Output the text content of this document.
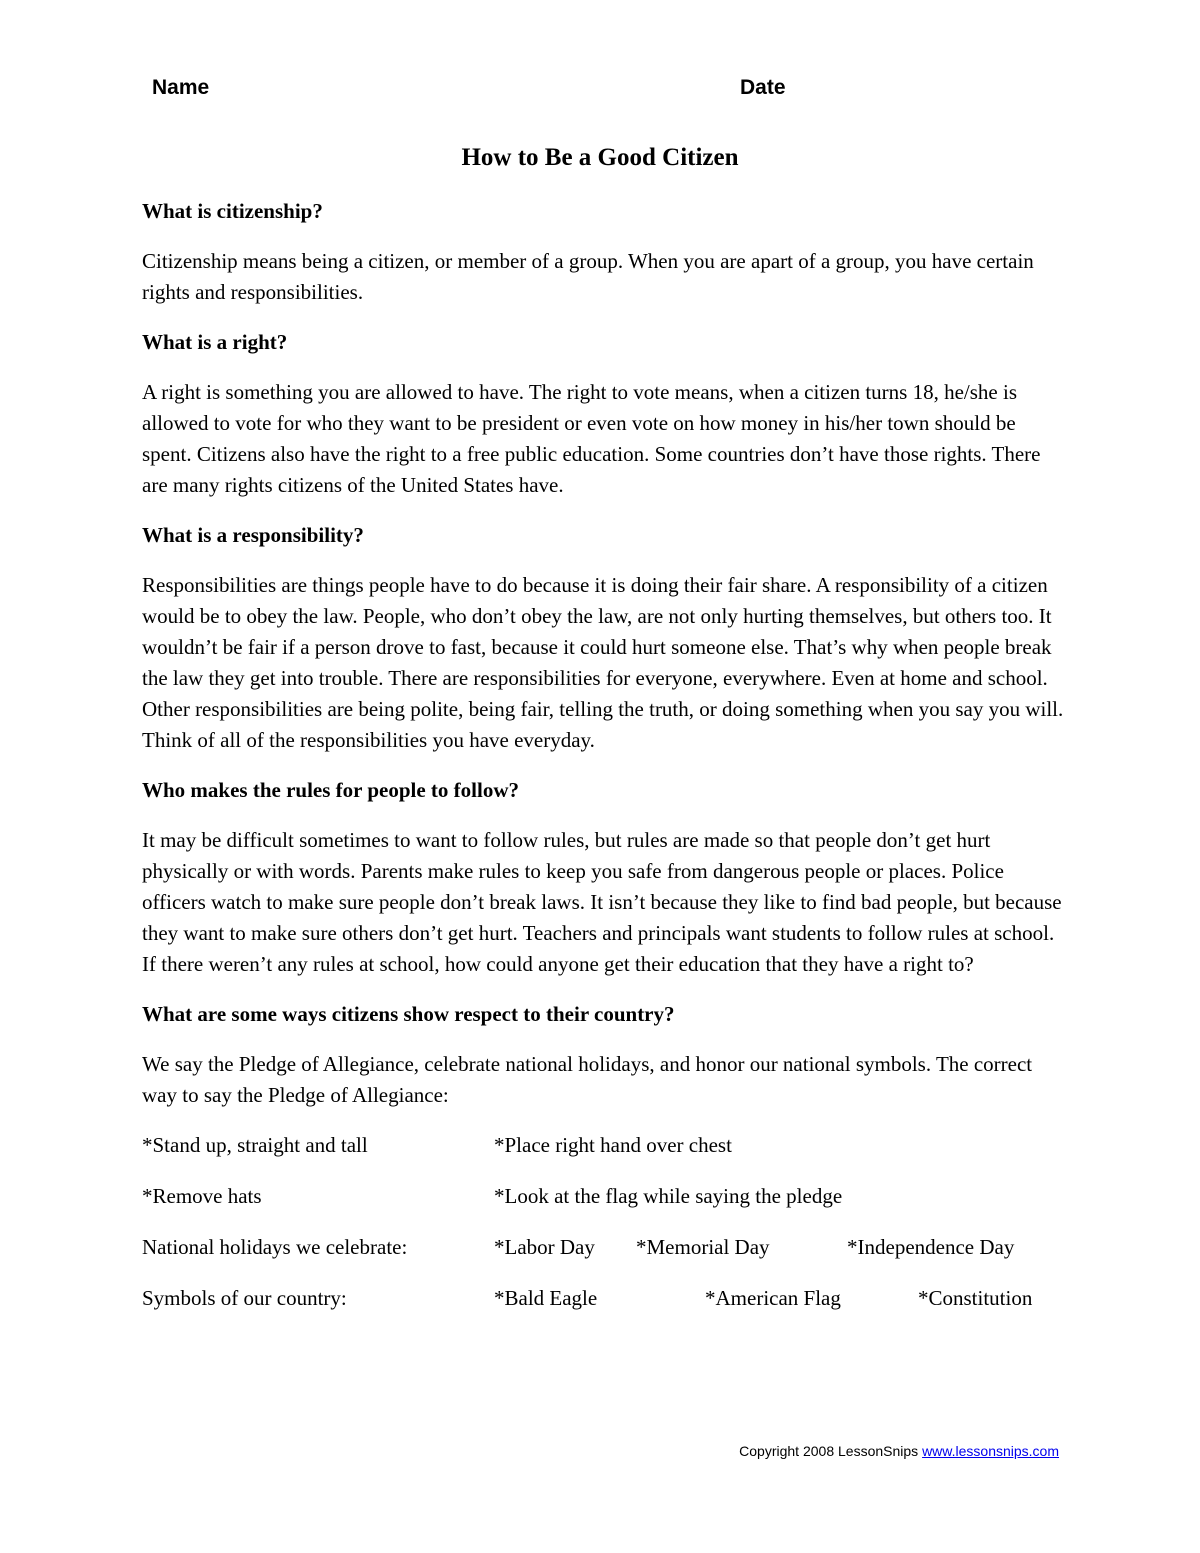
Name	Date
How to Be a Good Citizen
What is citizenship?
Citizenship means being a citizen, or member of a group. When you are apart of a group, you have certain rights and responsibilities.
What is a right?
A right is something you are allowed to have. The right to vote means, when a citizen turns 18, he/she is allowed to vote for who they want to be president or even vote on how money in his/her town should be spent. Citizens also have the right to a free public education. Some countries don’t have those rights. There are many rights citizens of the United States have.
What is a responsibility?
Responsibilities are things people have to do because it is doing their fair share. A responsibility of a citizen would be to obey the law. People, who don’t obey the law, are not only hurting themselves, but others too. It wouldn’t be fair if a person drove to fast, because it could hurt someone else. That’s why when people break the law they get into trouble. There are responsibilities for everyone, everywhere. Even at home and school. Other responsibilities are being polite, being fair, telling the truth, or doing something when you say you will. Think of all of the responsibilities you have everyday.
Who makes the rules for people to follow?
It may be difficult sometimes to want to follow rules, but rules are made so that people don’t get hurt physically or with words. Parents make rules to keep you safe from dangerous people or places. Police officers watch to make sure people don’t break laws. It isn’t because they like to find bad people, but because they want to make sure others don’t get hurt. Teachers and principals want students to follow rules at school. If there weren’t any rules at school, how could anyone get their education that they have a right to?
What are some ways citizens show respect to their country?
We say the Pledge of Allegiance, celebrate national holidays, and honor our national symbols. The correct way to say the Pledge of Allegiance:
*Stand up, straight and tall	*Place right hand over chest
*Remove hats	*Look at the flag while saying the pledge
National holidays we celebrate:	*Labor Day *Memorial Day	*Independence Day
Symbols of our country:	*Bald Eagle	*American Flag	*Constitution
Copyright 2008 LessonSnips www.lessonsnips.com
